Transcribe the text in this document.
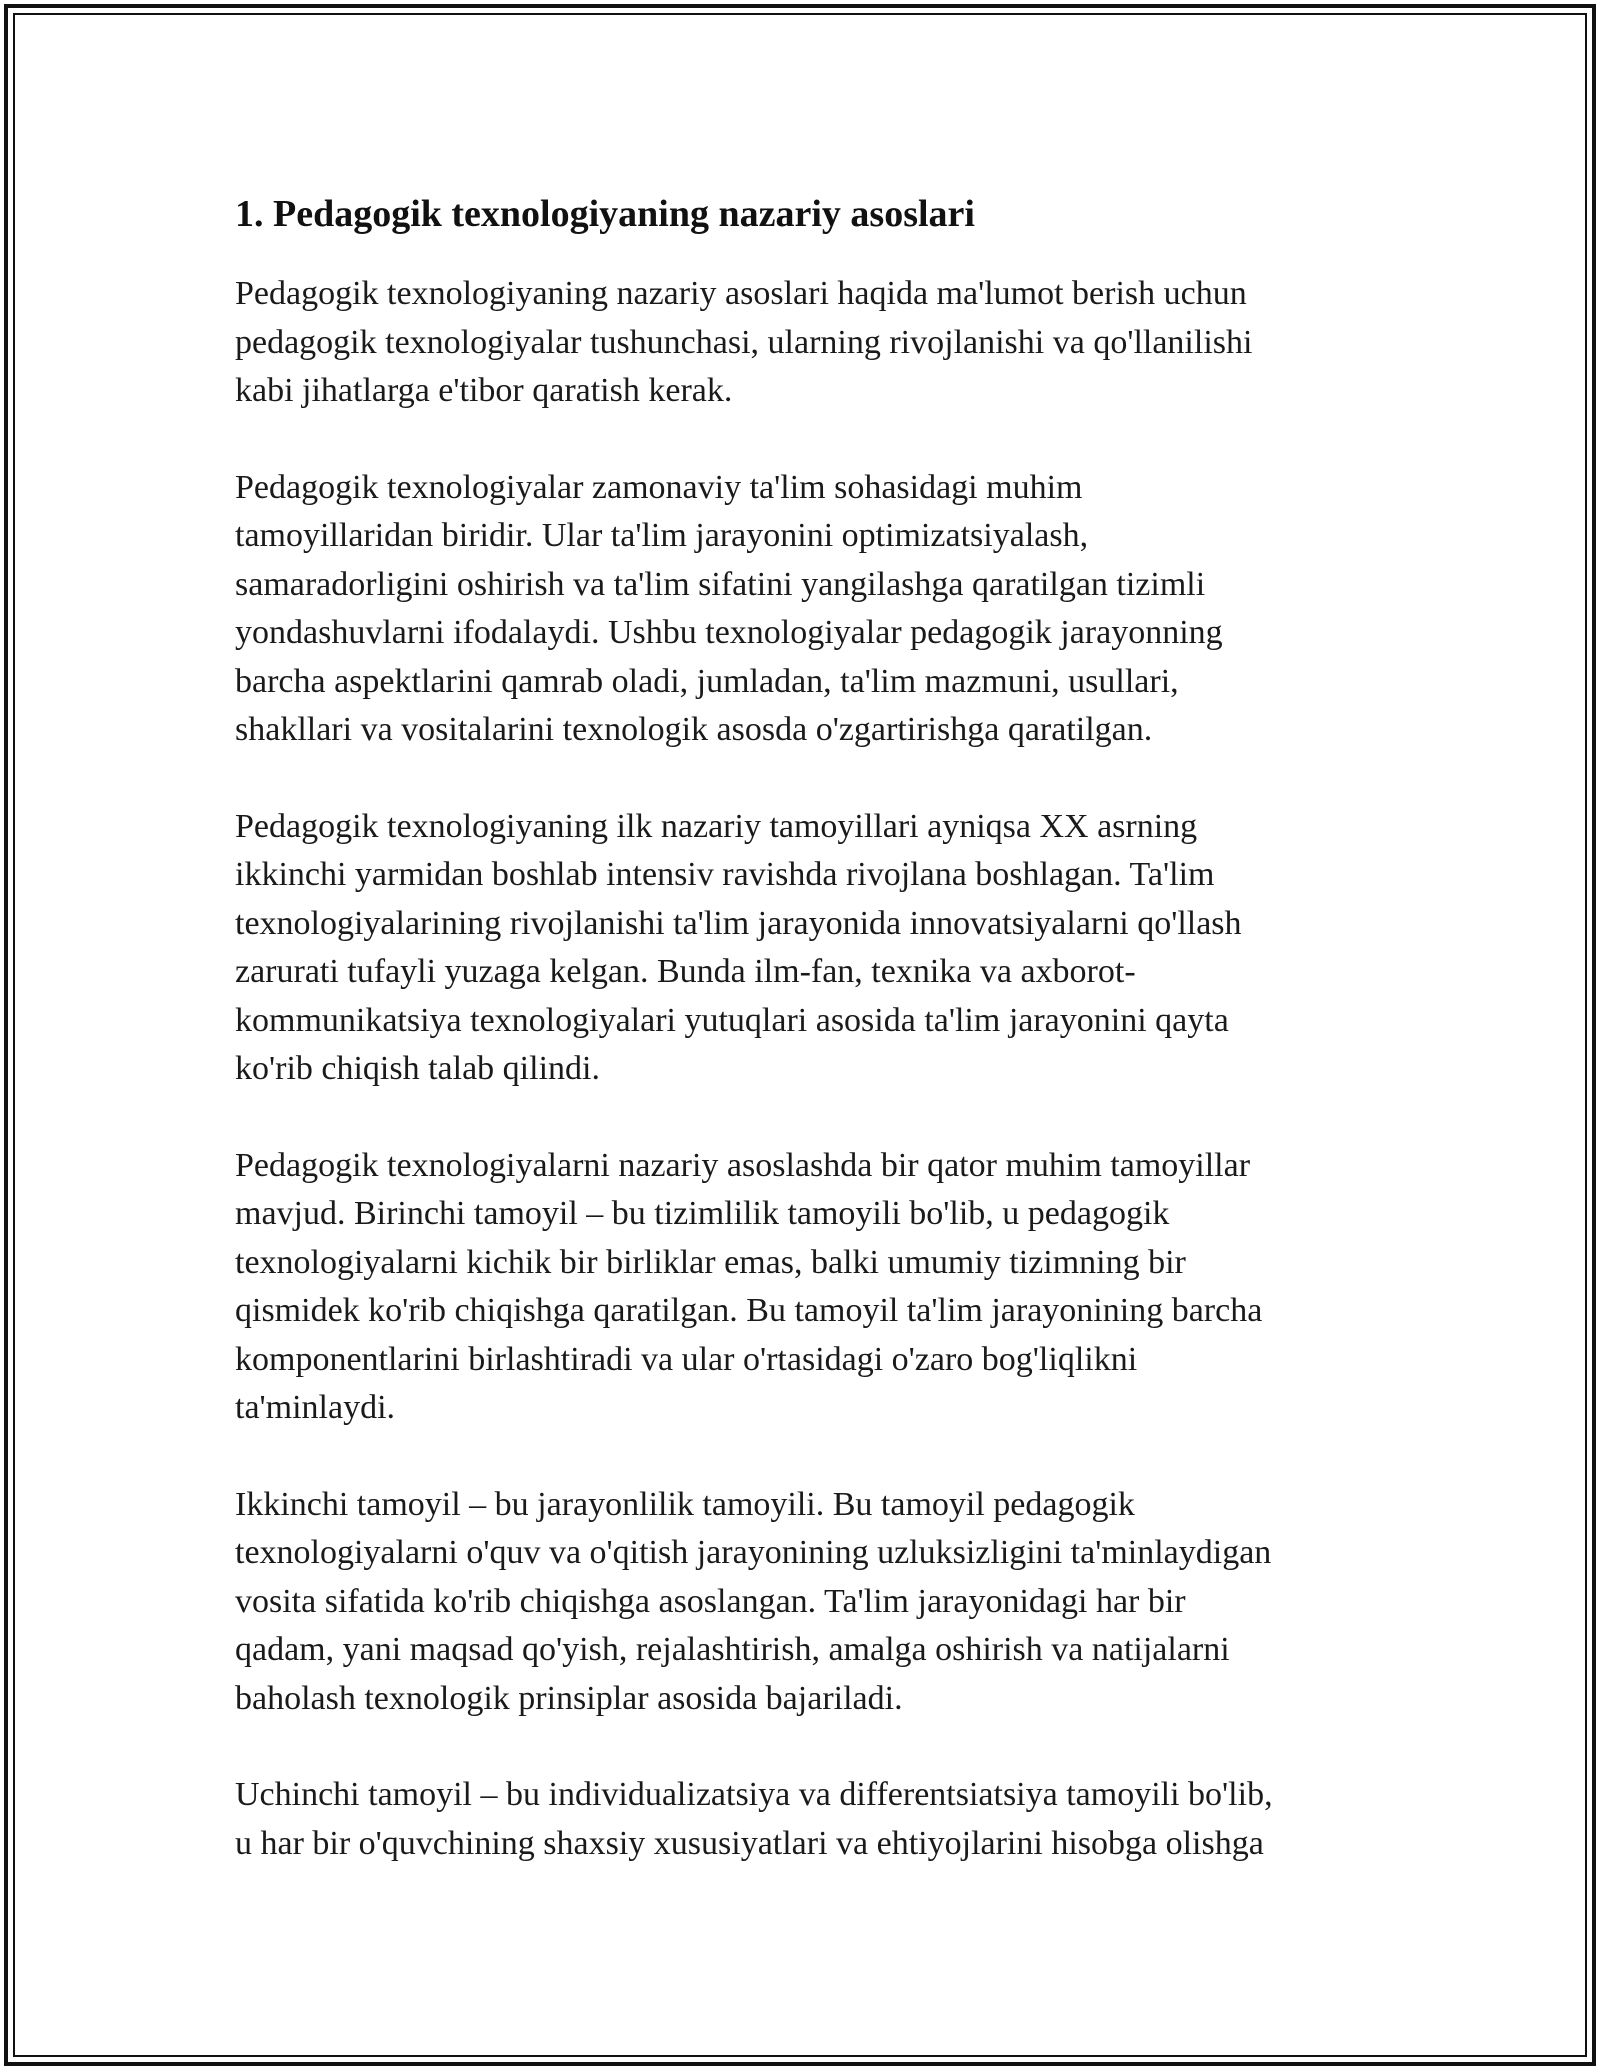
1. Pedagogik texnologiyaning nazariy asoslari

Pedagogik texnologiyaning nazariy asoslari haqida ma'lumot berish uchun
pedagogik texnologiyalar tushunchasi, ularning rivojlanishi va qo'llanilishi
kabi jihatlarga e'tibor qaratish kerak.

Pedagogik texnologiyalar zamonaviy ta'lim sohasidagi muhim
tamoyillaridan biridir. Ular ta'lim jarayonini optimizatsiyalash,
samaradorligini oshirish va ta'lim sifatini yangilashga qaratilgan tizimli
yondashuvlarni ifodalaydi. Ushbu texnologiyalar pedagogik jarayonning
barcha aspektlarini qamrab oladi, jumladan, ta'lim mazmuni, usullari,
shakllari va vositalarini texnologik asosda o'zgartirishga qaratilgan.

Pedagogik texnologiyaning ilk nazariy tamoyillari ayniqsa XX asrning
ikkinchi yarmidan boshlab intensiv ravishda rivojlana boshlagan. Ta'lim
texnologiyalarining rivojlanishi ta'lim jarayonida innovatsiyalarni qo'llash
zarurati tufayli yuzaga kelgan. Bunda ilm-fan, texnika va axborot-
kommunikatsiya texnologiyalari yutuqlari asosida ta'lim jarayonini qayta
ko'rib chiqish talab qilindi.

Pedagogik texnologiyalarni nazariy asoslashda bir qator muhim tamoyillar
mavjud. Birinchi tamoyil – bu tizimlilik tamoyili bo'lib, u pedagogik
texnologiyalarni kichik bir birliklar emas, balki umumiy tizimning bir
qismidek ko'rib chiqishga qaratilgan. Bu tamoyil ta'lim jarayonining barcha
komponentlarini birlashtiradi va ular o'rtasidagi o'zaro bog'liqlikni
ta'minlaydi.

Ikkinchi tamoyil – bu jarayonlilik tamoyili. Bu tamoyil pedagogik
texnologiyalarni o'quv va o'qitish jarayonining uzluksizligini ta'minlaydigan
vosita sifatida ko'rib chiqishga asoslangan. Ta'lim jarayonidagi har bir
qadam, yani maqsad qo'yish, rejalashtirish, amalga oshirish va natijalarni
baholash texnologik prinsiplar asosida bajariladi.

Uchinchi tamoyil – bu individualizatsiya va differentsiatsiya tamoyili bo'lib,
u har bir o'quvchining shaxsiy xususiyatlari va ehtiyojlarini hisobga olishga
